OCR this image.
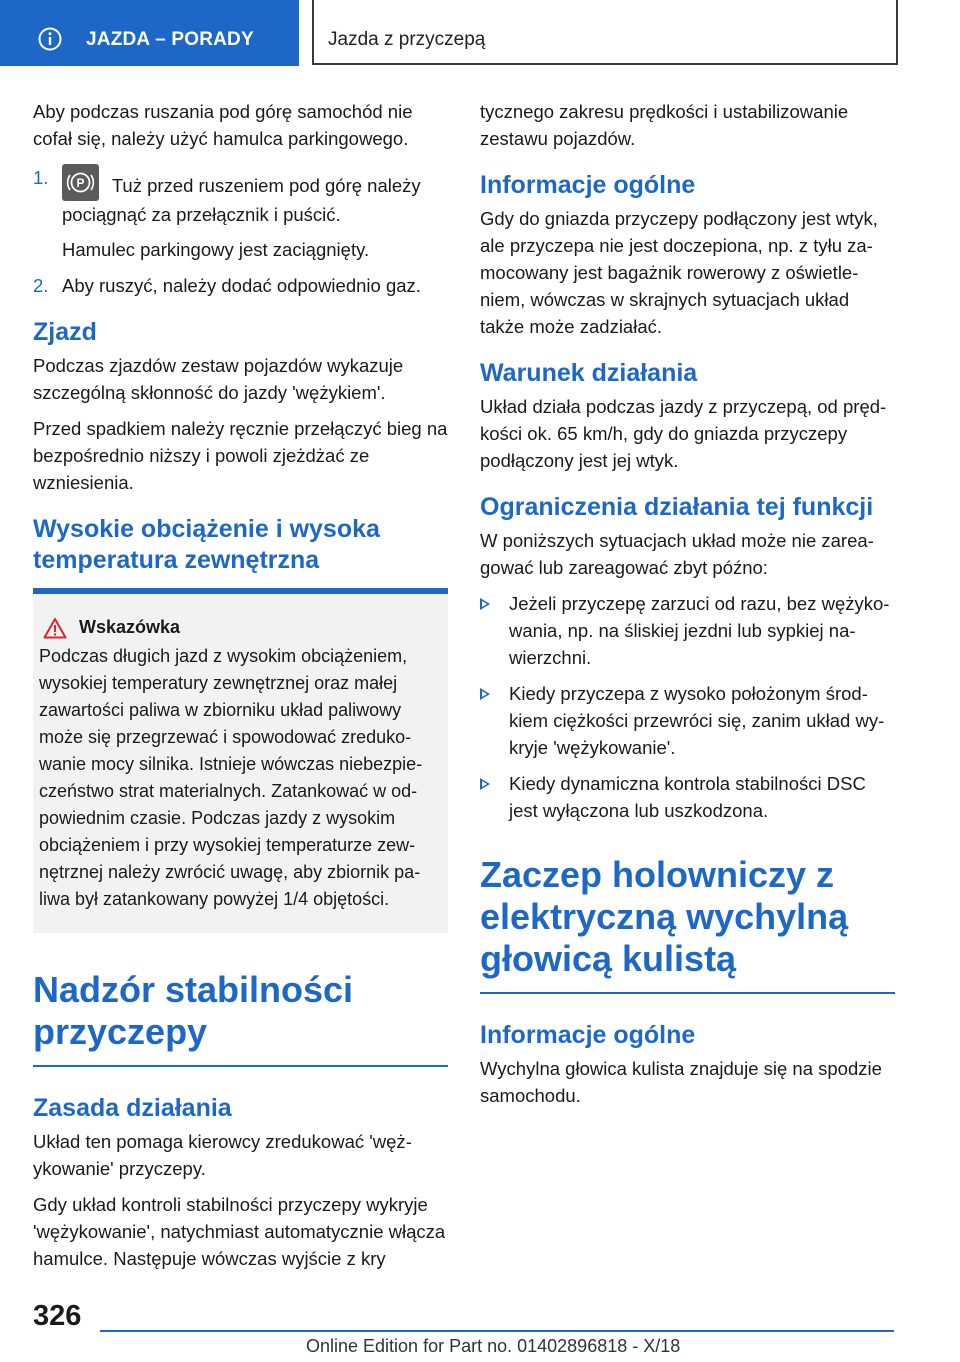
JAZDA – PORADY	Jazda z przyczepą

Aby podczas ruszania pod górę samochód nie cofał się, należy użyć hamulca parkingowego.

1. P Tuż przed ruszeniem pod górę należy pociągnąć za przełącznik i puścić.
Hamulec parkingowy jest zaciągnięty.
2. Aby ruszyć, należy dodać odpowiednio gaz.
Zjazd

Podczas zjazdów zestaw pojazdów wykazuje szczególną skłonność do jazdy 'wężykiem'.

Przed spadkiem należy ręcznie przełączyć bieg na bezpośrednio niższy i powoli zjeżdżać ze wzniesienia.

Wysokie obciążenie i wysoka temperatura zewnętrzna
Wskazówka
Podczas długich jazd z wysokim obciążeniem, wysokiej temperatury zewnętrznej oraz małej zawartości paliwa w zbiorniku układ paliwowy może się przegrzewać i spowodować zredukowanie mocy silnika. Istnieje wówczas niebezpieczeństwo strat materialnych. Zatankować w odpowiednim czasie. Podczas jazdy z wysokim obciążeniem i przy wysokiej temperaturze zewnętrznej należy zwrócić uwagę, aby zbiornik paliwa był zatankowany powyżej 1/4 objętości.
Nadzór stabilności przyczepy
Zasada działania

Układ ten pomaga kierowcy zredukować 'wężykowanie' przyczepy.

Gdy układ kontroli stabilności przyczepy wykryje 'wężykowanie', natychmiast automatycznie włącza hamulce. Następuje wówczas wyjście z kry

tycznego zakresu prędkości i ustabilizowanie zestawu pojazdów.

Informacje ogólne

Gdy do gniazda przyczepy podłączony jest wtyk, ale przyczepa nie jest doczepiona, np. z tyłu zamocowany jest bagażnik rowerowy z oświetleniem, wówczas w skrajnych sytuacjach układ także może zadziałać.

Warunek działania

Układ działa podczas jazdy z przyczepą, od prędkości ok. 65 km/h, gdy do gniazda przyczepy podłączony jest jej wtyk.

Ograniczenia działania tej funkcji

W poniższych sytuacjach układ może nie zareagować lub zareagować zbyt późno:

Jeżeli przyczepę zarzuci od razu, bez wężykowania, np. na śliskiej jezdni lub sypkiej nawierzchni.
Kiedy przyczepa z wysoko położonym środkiem ciężkości przewróci się, zanim układ wykryje 'wężykowanie'.
Kiedy dynamiczna kontrola stabilności DSC jest wyłączona lub uszkodzona.
Zaczep holowniczy z elektryczną wychylną głowicą kulistą
Informacje ogólne

Wychylna głowica kulista znajduje się na spodzie samochodu.

326
Online Edition for Part no. 01402896818 - X/18
